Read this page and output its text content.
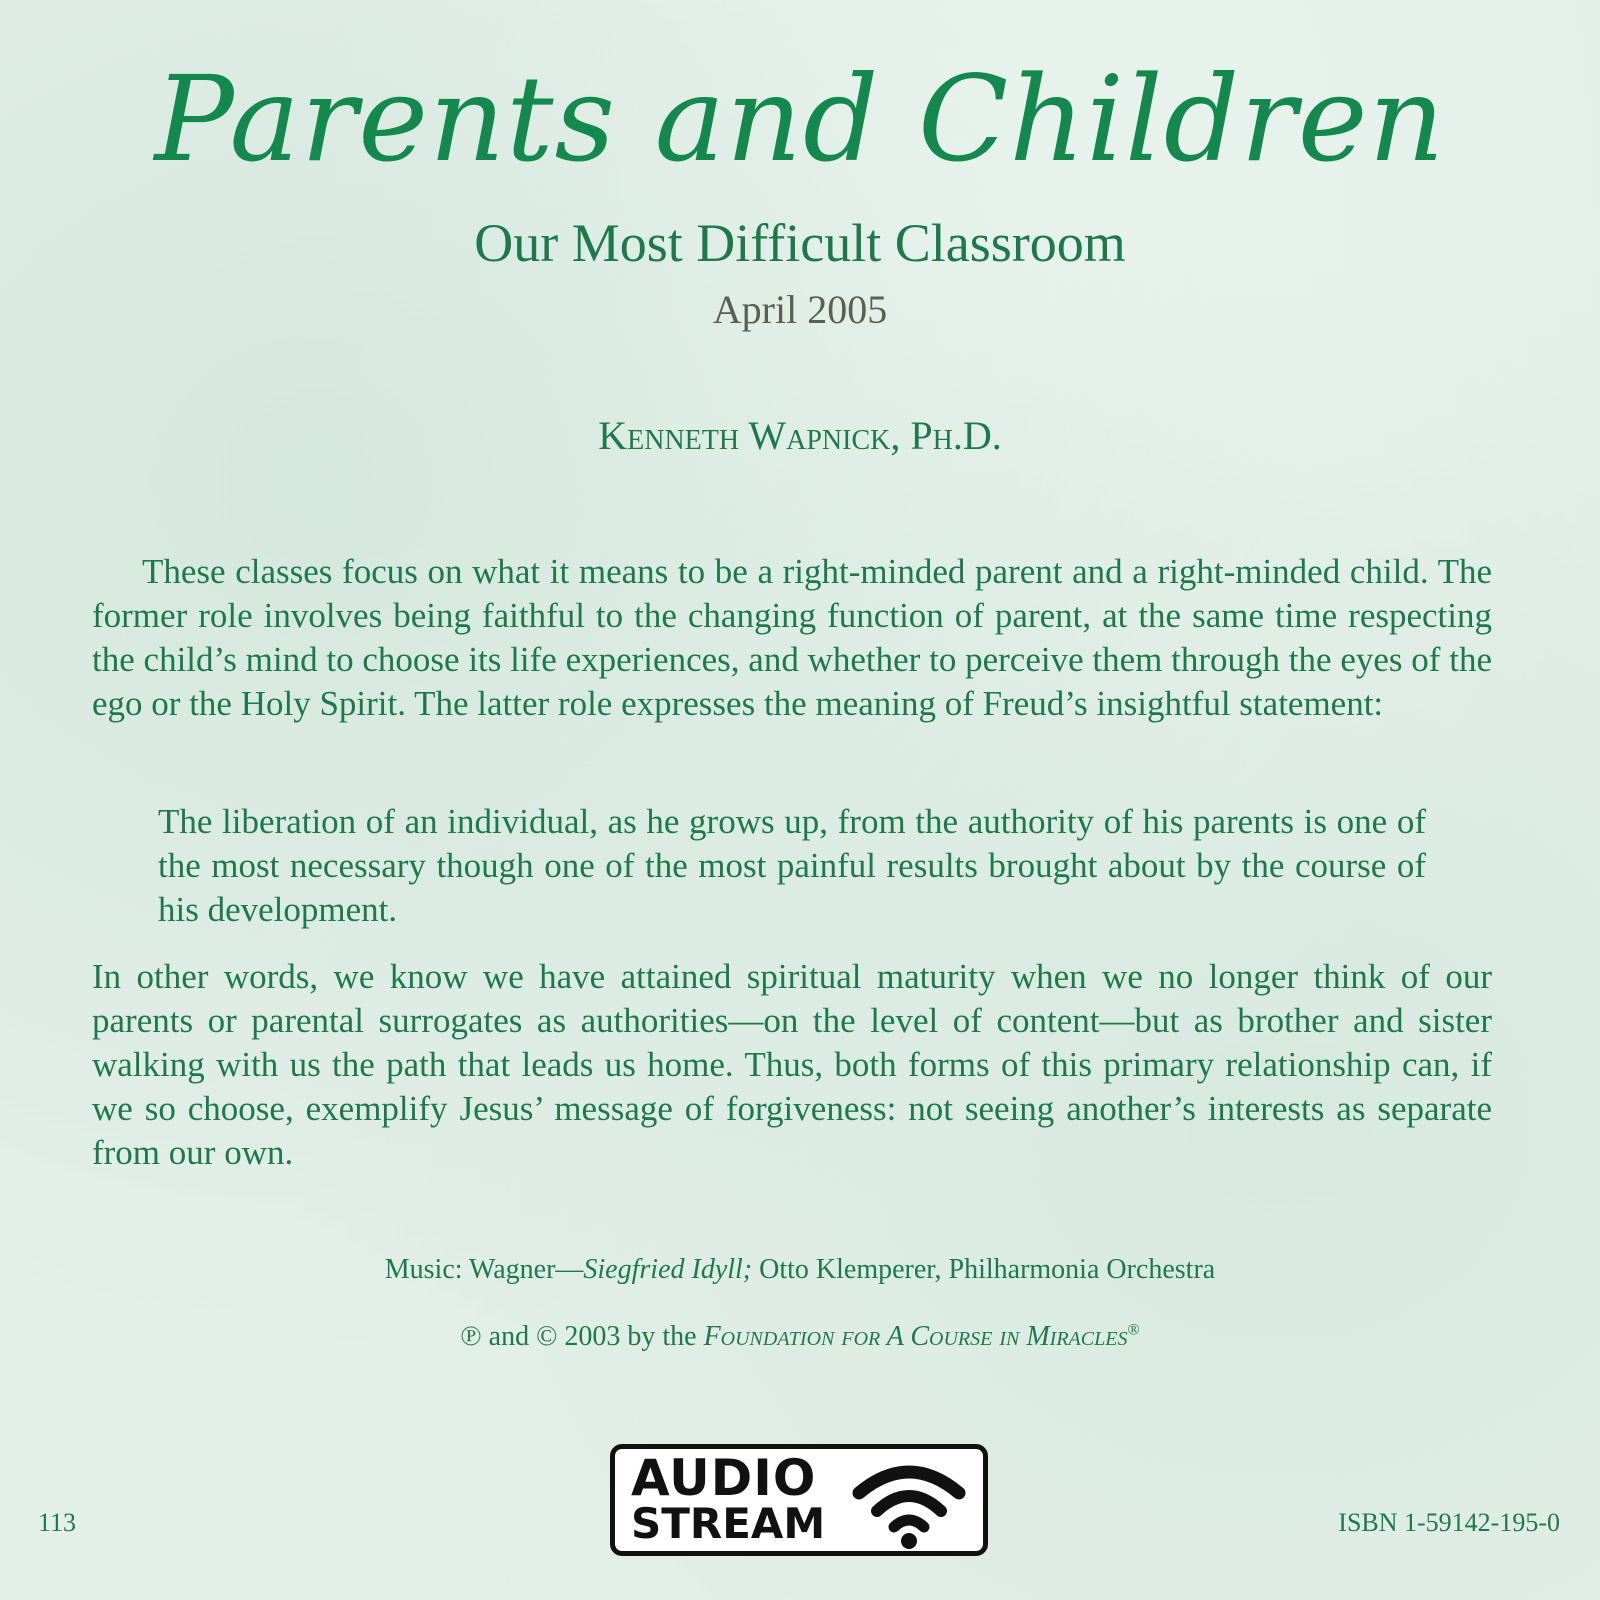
Parents and Children
Our Most Difficult Classroom
April 2005
Kenneth Wapnick, Ph.D.
These classes focus on what it means to be a right-minded parent and a right-minded child. The former role involves being faithful to the changing function of parent, at the same time respecting the child’s mind to choose its life experiences, and whether to perceive them through the eyes of the ego or the Holy Spirit. The latter role expresses the meaning of Freud’s insightful statement:
The liberation of an individual, as he grows up, from the authority of his parents is one of the most necessary though one of the most painful results brought about by the course of his development.
In other words, we know we have attained spiritual maturity when we no longer think of our parents or parental surrogates as authorities—on the level of content—but as brother and sister walking with us the path that leads us home. Thus, both forms of this primary relationship can, if we so choose, exemplify Jesus’ message of forgiveness: not seeing another’s interests as separate from our own.
Music: Wagner—Siegfried Idyll; Otto Klemperer, Philharmonia Orchestra
℗ and © 2003 by the Foundation for A Course in Miracles®
AUDIO
STREAM
113	ISBN 1-59142-195-0
